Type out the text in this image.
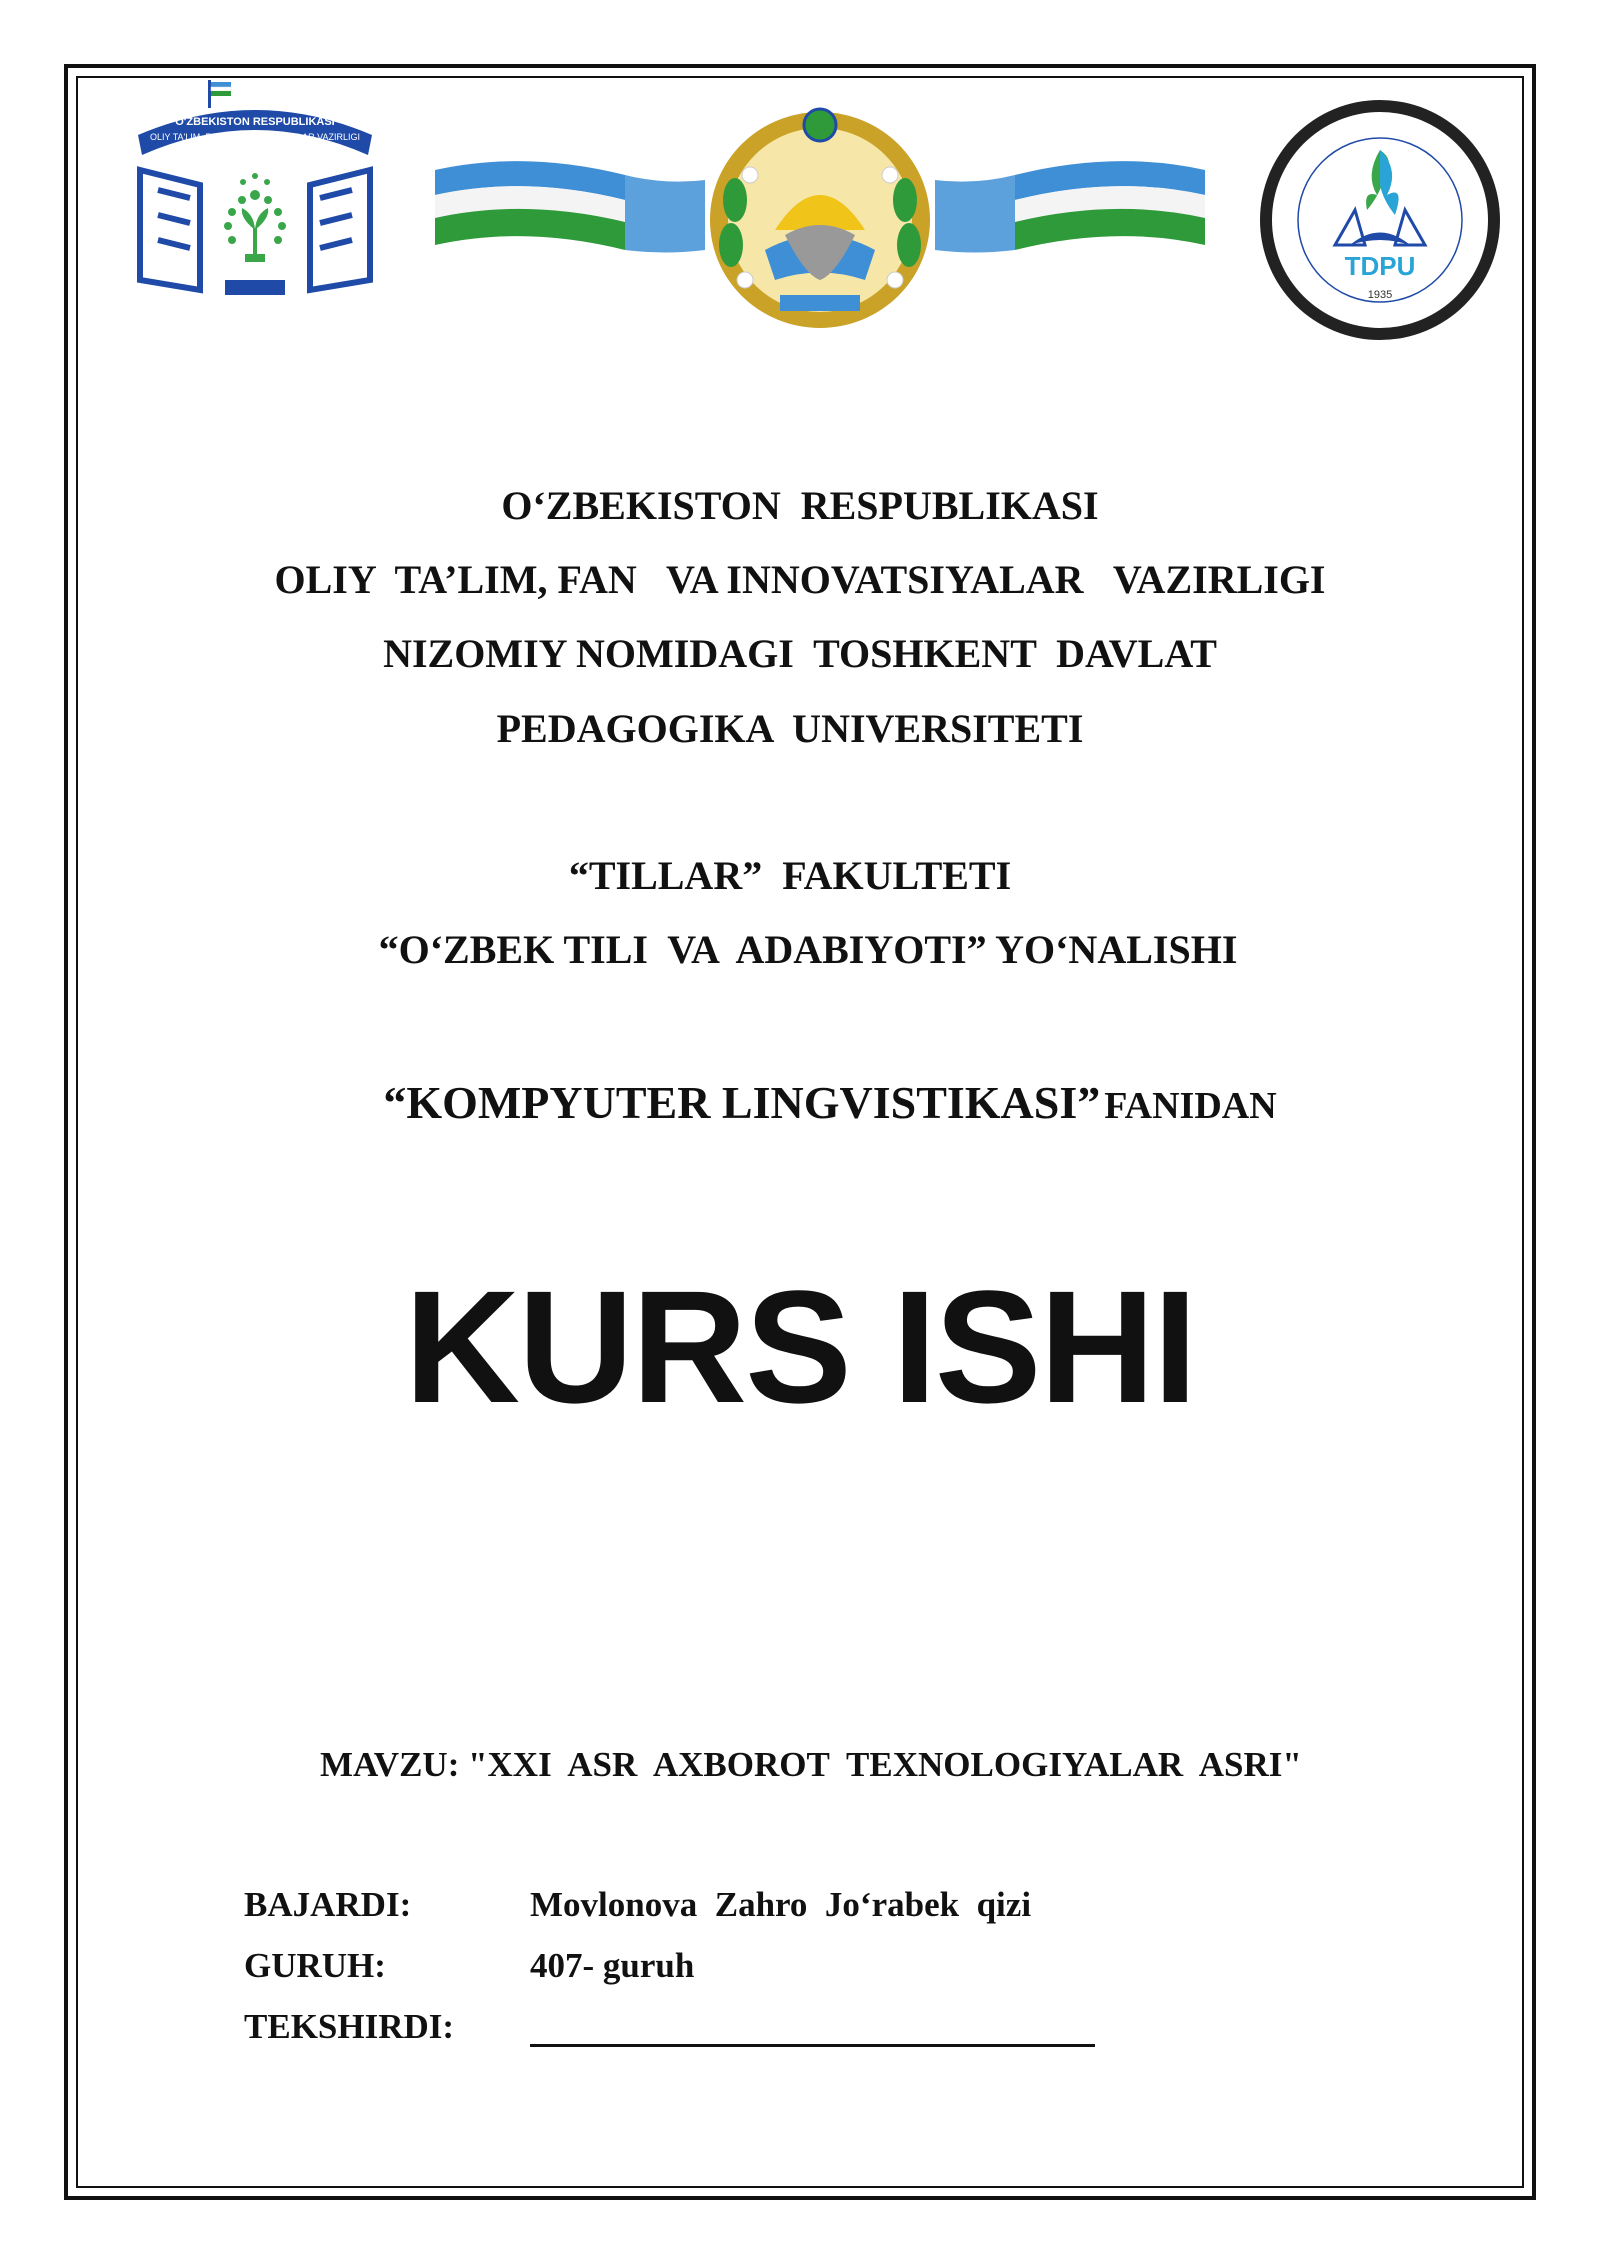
O'ZBEKISTON RESPUBLIKASI
OLIY TA'LIM, FAN VA INNOVATSIYALAR VAZIRLIGI
TDPU
1935
O‘ZBEKISTON  RESPUBLIKASI
OLIY  TA’LIM, FAN   VA INNOVATSIYALAR   VAZIRLIGI
NIZOMIY NOMIDAGI  TOSHKENT  DAVLAT
PEDAGOGIKA  UNIVERSITETI
“TILLAR”  FAKULTETI
“O‘ZBEK TILI  VA  ADABIYOTI” YO‘NALISHI
“KOMPYUTER LINGVISTIKASI” FANIDAN
KURS ISHI
MAVZU: "XXI  ASR  AXBOROT  TEXNOLOGIYALAR  ASRI"
BAJARDI:	Movlonova  Zahro  Jo‘rabek  qizi
GURUH:	407- guruh
TEKSHIRDI:
